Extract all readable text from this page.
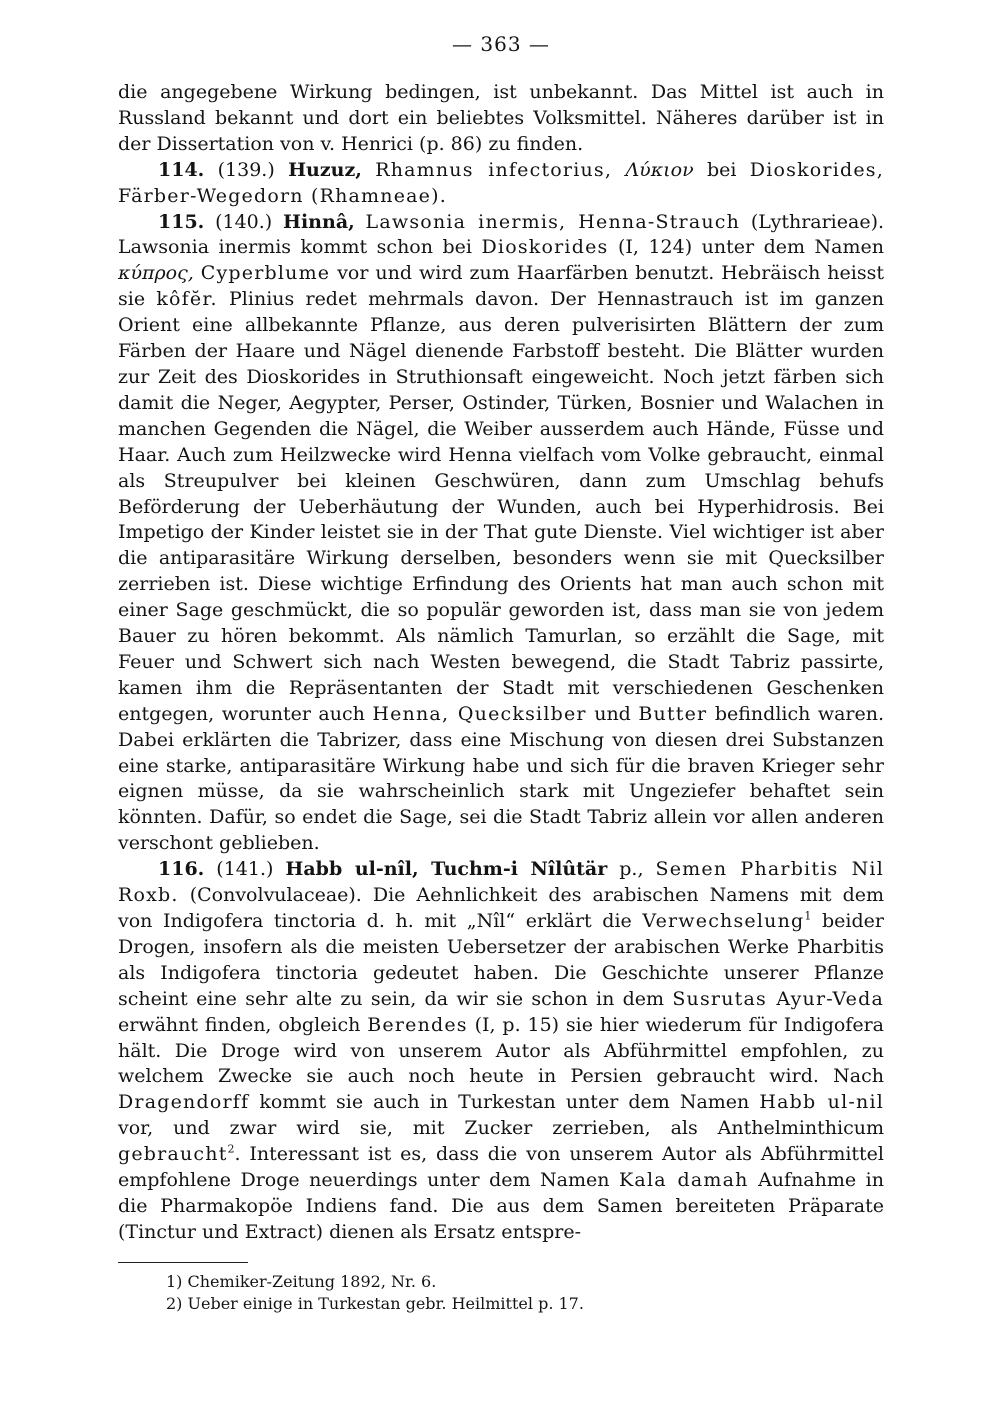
— 363 —

die angegebene Wirkung bedingen, ist unbekannt. Das Mittel ist auch in Russland bekannt und dort ein beliebtes Volksmittel. Näheres darüber ist in der Dissertation von v. Henrici (p. 86) zu finden.

114. (139.) Huzuz, Rhamnus infectorius, Λύκιον bei Dioskorides, Färber-Wegedorn (Rhamneae).

115. (140.) Hinnâ, Lawsonia inermis, Henna-Strauch (Lythrarieae). Lawsonia inermis kommt schon bei Dioskorides (I, 124) unter dem Namen κύπρος, Cyperblume vor und wird zum Haarfärben benutzt. Hebräisch heisst sie kôfĕr. Plinius redet mehrmals davon. Der Hennastrauch ist im ganzen Orient eine allbekannte Pflanze, aus deren pulverisirten Blättern der zum Färben der Haare und Nägel dienende Farbstoff besteht. Die Blätter wurden zur Zeit des Dioskorides in Struthionsaft eingeweicht. Noch jetzt färben sich damit die Neger, Aegypter, Perser, Ostinder, Türken, Bosnier und Walachen in manchen Gegenden die Nägel, die Weiber ausserdem auch Hände, Füsse und Haar. Auch zum Heilzwecke wird Henna vielfach vom Volke gebraucht, einmal als Streupulver bei kleinen Geschwüren, dann zum Umschlag behufs Beförderung der Ueberhäutung der Wunden, auch bei Hyperhidrosis. Bei Impetigo der Kinder leistet sie in der That gute Dienste. Viel wichtiger ist aber die antiparasitäre Wirkung derselben, besonders wenn sie mit Quecksilber zerrieben ist. Diese wichtige Erfindung des Orients hat man auch schon mit einer Sage geschmückt, die so populär geworden ist, dass man sie von jedem Bauer zu hören bekommt. Als nämlich Tamurlan, so erzählt die Sage, mit Feuer und Schwert sich nach Westen bewegend, die Stadt Tabriz passirte, kamen ihm die Repräsentanten der Stadt mit verschiedenen Geschenken entgegen, worunter auch Henna, Quecksilber und Butter befindlich waren. Dabei erklärten die Tabrizer, dass eine Mischung von diesen drei Substanzen eine starke, antiparasitäre Wirkung habe und sich für die braven Krieger sehr eignen müsse, da sie wahrscheinlich stark mit Ungeziefer behaftet sein könnten. Dafür, so endet die Sage, sei die Stadt Tabriz allein vor allen anderen verschont geblieben.

116. (141.) Habb ul-nîl, Tuchm-i Nîlûtär p., Semen Pharbitis Nil Roxb. (Convolvulaceae). Die Aehnlichkeit des arabischen Namens mit dem von Indigofera tinctoria d. h. mit „Nîl“ erklärt die Verwechselung$^1$ beider Drogen, insofern als die meisten Uebersetzer der arabischen Werke Pharbitis als Indigofera tinctoria gedeutet haben. Die Geschichte unserer Pflanze scheint eine sehr alte zu sein, da wir sie schon in dem Susrutas Ayur-Veda erwähnt finden, obgleich Berendes (I, p. 15) sie hier wiederum für Indigofera hält. Die Droge wird von unserem Autor als Abführmittel empfohlen, zu welchem Zwecke sie auch noch heute in Persien gebraucht wird. Nach Dragendorff kommt sie auch in Turkestan unter dem Namen Habb ul-nil vor, und zwar wird sie, mit Zucker zerrieben, als Anthelminthicum gebraucht$^2$. Interessant ist es, dass die von unserem Autor als Abführmittel empfohlene Droge neuerdings unter dem Namen Kala damah Aufnahme in die Pharmakopöe Indiens fand. Die aus dem Samen bereiteten Präparate (Tinctur und Extract) dienen als Ersatz entspre-

1) Chemiker-Zeitung 1892, Nr. 6.

2) Ueber einige in Turkestan gebr. Heilmittel p. 17.
